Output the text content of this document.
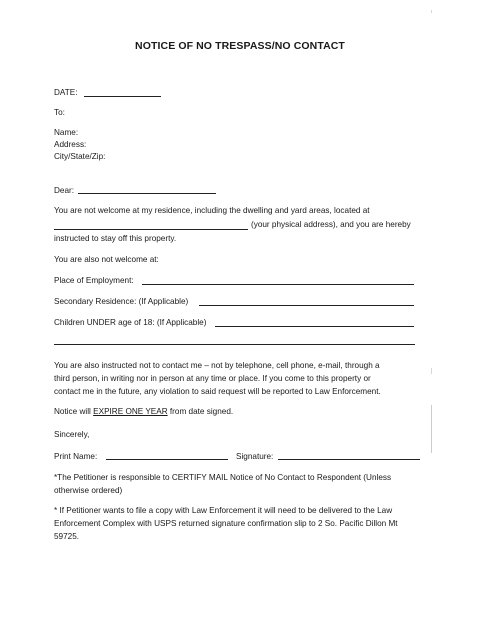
NOTICE OF NO TRESPASS/NO CONTACT
DATE:
To:
Name:
Address:
City/State/Zip:
Dear:
You are not welcome at my residence, including the dwelling and yard areas, located at
(your physical address), and you are hereby
instructed to stay off this property.
You are also not welcome at:
Place of Employment:
Secondary Residence: (If Applicable)
Children UNDER age of 18: (If Applicable)
You are also instructed not to contact me – not by telephone, cell phone, e-mail, through a
third person, in writing nor in person at any time or place. If you come to this property or
contact me in the future, any violation to said request will be reported to Law Enforcement.
Notice will EXPIRE ONE YEAR from date signed.
Sincerely,
Print Name:	Signature:
*The Petitioner is responsible to CERTIFY MAIL Notice of No Contact to Respondent (Unless
otherwise ordered)
* If Petitioner wants to file a copy with Law Enforcement it will need to be delivered to the Law
Enforcement Complex with USPS returned signature confirmation slip to 2 So. Pacific Dillon Mt
59725.
